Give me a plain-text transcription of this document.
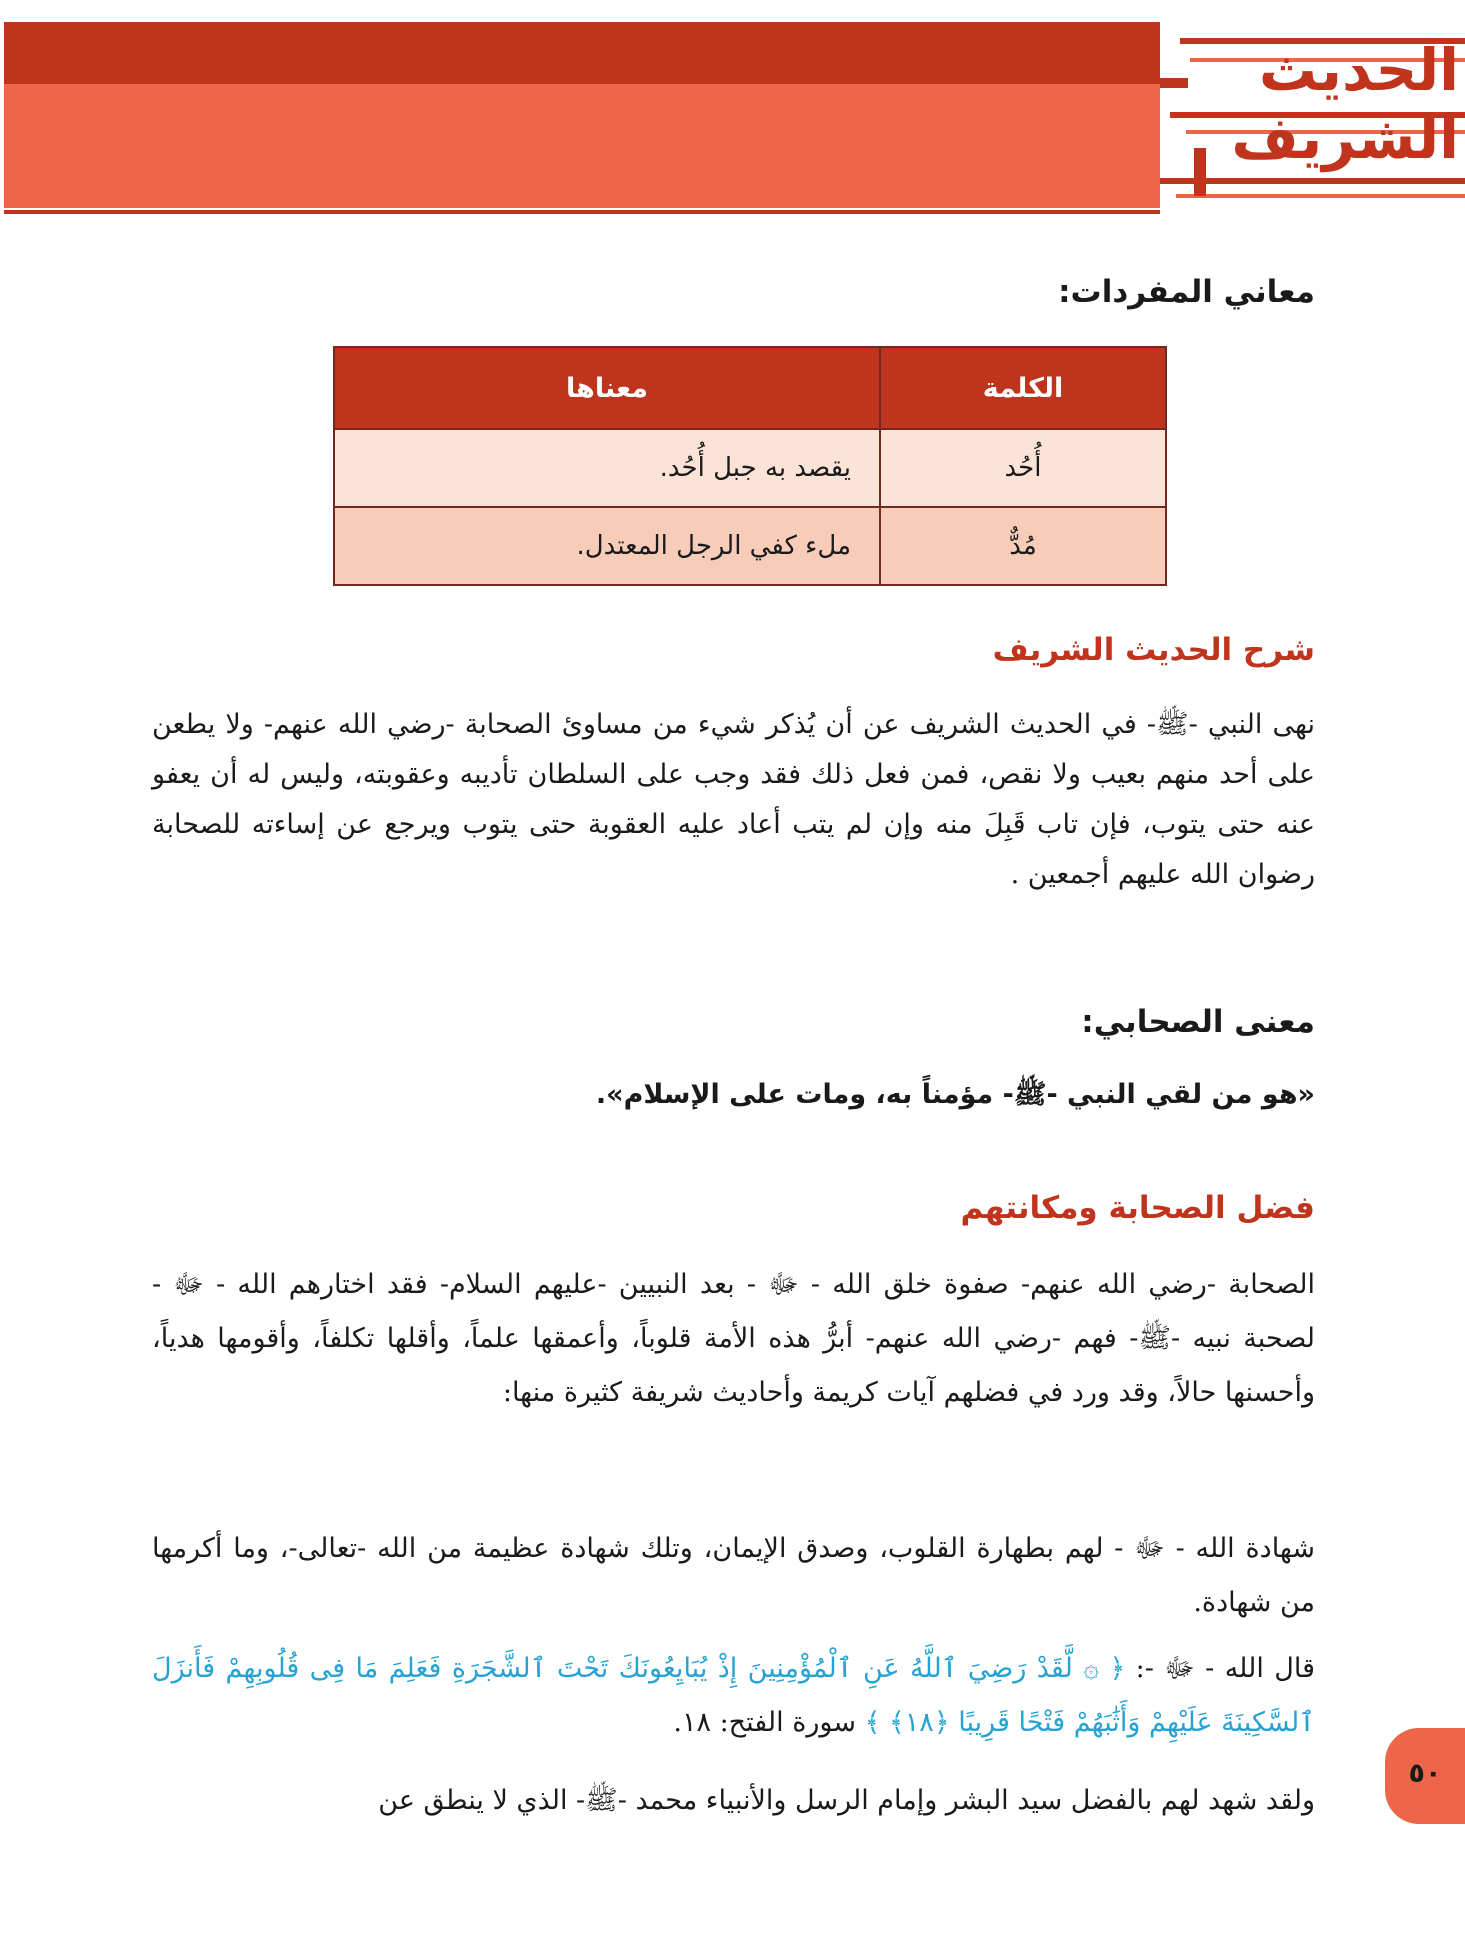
الحديث
الشريف
معاني المفردات:
الكلمة	معناها
أُحُد	يقصد به جبل أُحُد.
مُدٌّ	ملء كفي الرجل المعتدل.
شرح الحديث الشريف
نهى النبي -ﷺ- في الحديث الشريف عن أن يُذكر شيء من مساوئ الصحابة -رضي الله عنهم- ولا يطعن على أحد منهم بعيب ولا نقص، فمن فعل ذلك فقد وجب على السلطان تأديبه وعقوبته، وليس له أن يعفو عنه حتى يتوب، فإن تاب قَبِلَ منه وإن لم يتب أعاد عليه العقوبة حتى يتوب ويرجع عن إساءته للصحابة رضوان الله عليهم أجمعين .
معنى الصحابي:
«هو من لقي النبي -ﷺ- مؤمناً به، ومات على الإسلام».
فضل الصحابة ومكانتهم
الصحابة -رضي الله عنهم- صفوة خلق الله - ﷻ - بعد النبيين -عليهم السلام- فقد اختارهم الله - ﷻ - لصحبة نبيه -ﷺ- فهم -رضي الله عنهم- أبرُّ هذه الأمة قلوباً، وأعمقها علماً، وأقلها تكلفاً، وأقومها هدياً، وأحسنها حالاً، وقد ورد في فضلهم آيات كريمة وأحاديث شريفة كثيرة منها:
شهادة الله - ﷻ - لهم بطهارة القلوب، وصدق الإيمان، وتلك شهادة عظيمة من الله -تعالى-، وما أكرمها من شهادة.
قال الله - ﷻ -: ﴿ ۞ لَّقَدْ رَضِيَ ٱللَّهُ عَنِ ٱلْمُؤْمِنِينَ إِذْ يُبَايِعُونَكَ تَحْتَ ٱلشَّجَرَةِ فَعَلِمَ مَا فِى قُلُوبِهِمْ فَأَنزَلَ ٱلسَّكِينَةَ عَلَيْهِمْ وَأَثَٰبَهُمْ فَتْحًا قَرِيبًا ﴿١٨﴾ ﴾ سورة الفتح: ١٨.
ولقد شهد لهم بالفضل سيد البشر وإمام الرسل والأنبياء محمد -ﷺ- الذي لا ينطق عن
٥٠
